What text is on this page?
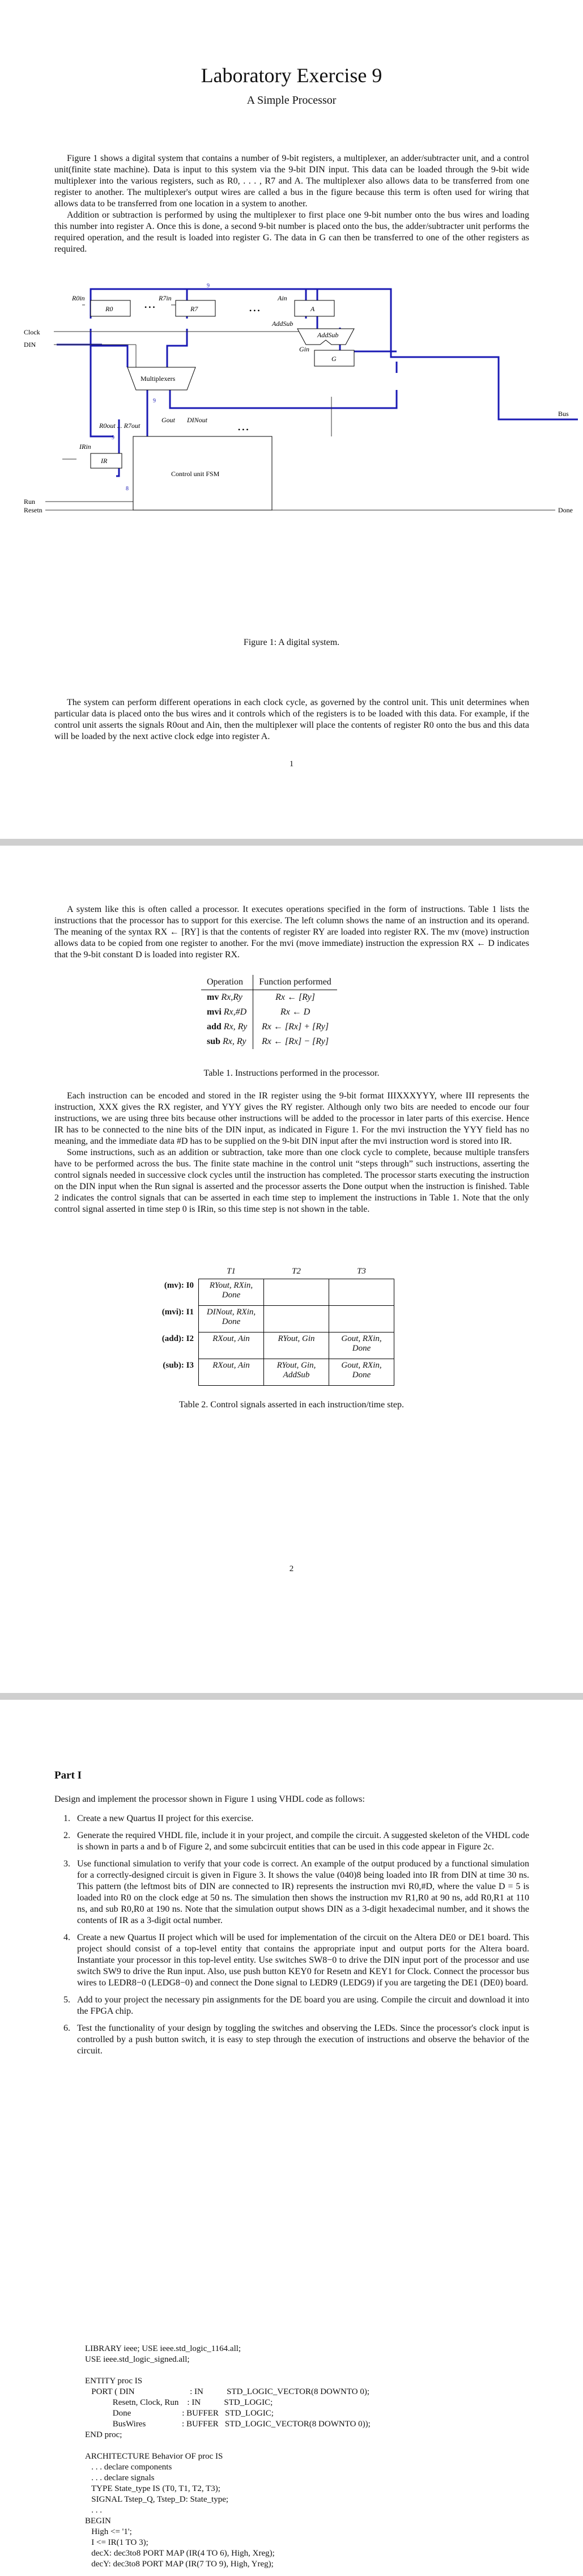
Laboratory Exercise 9
A Simple Processor

Figure 1 shows a digital system that contains a number of 9-bit registers, a multiplexer, an adder/subtracter unit, and a control unit(finite state machine). Data is input to this system via the 9-bit DIN input. This data can be loaded through the 9-bit wide multiplexer into the various registers, such as R0, . . . , R7 and A. The multiplexer also allows data to be transferred from one register to another. The multiplexer's output wires are called a bus in the figure because this term is often used for wiring that allows data to be transferred from one location in a system to another.

Addition or subtraction is performed by using the multiplexer to first place one 9-bit number onto the bus wires and loading this number into register A. Once this is done, a second 9-bit number is placed onto the bus, the adder/subtracter unit performs the required operation, and the result is loaded into register G. The data in G can then be transferred to one of the other registers as required.

R0	R7	A
G
IR
R0in	R7in	Ain
Gin
IRin
AddSub
AddSub
R0out ... R7out
Gout DINout
Multiplexers
Control unit FSM
Clock
DIN
Run
Resetn	Done
Bus
• • •	• • •
• • •
9
9
9
8
Figure 1: A digital system.

The system can perform different operations in each clock cycle, as governed by the control unit. This unit determines when particular data is placed onto the bus wires and it controls which of the registers is to be loaded with this data. For example, if the control unit asserts the signals R0out and Ain, then the multiplexer will place the contents of register R0 onto the bus and this data will be loaded by the next active clock edge into register A.

1

A system like this is often called a processor. It executes operations specified in the form of instructions. Table 1 lists the instructions that the processor has to support for this exercise. The left column shows the name of an instruction and its operand. The meaning of the syntax RX ← [RY] is that the contents of register RY are loaded into register RX. The mv (move) instruction allows data to be copied from one register to another. For the mvi (move immediate) instruction the expression RX ← D indicates that the 9-bit constant D is loaded into register RX.

Operation	Function performed
mv Rx,Ry	Rx ← [Ry]
mvi Rx,#D	Rx ← D
add Rx, Ry	Rx ← [Rx] + [Ry]
sub Rx, Ry	Rx ← [Rx] − [Ry]
Table 1. Instructions performed in the processor.

Each instruction can be encoded and stored in the IR register using the 9-bit format IIIXXXYYY, where III represents the instruction, XXX gives the RX register, and YYY gives the RY register. Although only two bits are needed to encode our four instructions, we are using three bits because other instructions will be added to the processor in later parts of this exercise. Hence IR has to be connected to the nine bits of the DIN input, as indicated in Figure 1. For the mvi instruction the YYY field has no meaning, and the immediate data #D has to be supplied on the 9-bit DIN input after the mvi instruction word is stored into IR.

Some instructions, such as an addition or subtraction, take more than one clock cycle to complete, because multiple transfers have to be performed across the bus. The finite state machine in the control unit “steps through” such instructions, asserting the control signals needed in successive clock cycles until the instruction has completed. The processor starts executing the instruction on the DIN input when the Run signal is asserted and the processor asserts the Done output when the instruction is finished. Table 2 indicates the control signals that can be asserted in each time step to implement the instructions in Table 1. Note that the only control signal asserted in time step 0 is IRin, so this time step is not shown in the table.

	T1	T2	T3
(mv): I0	RYout, RXin, Done		
(mvi): I1	DINout, RXin, Done		
(add): I2	RXout, Ain	RYout, Gin	Gout, RXin, Done
(sub): I3	RXout, Ain	RYout, Gin, AddSub	Gout, RXin, Done
Table 2. Control signals asserted in each instruction/time step.
2
Part I
Design and implement the processor shown in Figure 1 using VHDL code as follows:
1. Create a new Quartus II project for this exercise.
2. Generate the required VHDL file, include it in your project, and compile the circuit. A suggested skeleton of the VHDL code is shown in parts a and b of Figure 2, and some subcircuit entities that can be used in this code appear in Figure 2c.
3. Use functional simulation to verify that your code is correct. An example of the output produced by a functional simulation for a correctly-designed circuit is given in Figure 3. It shows the value (040)8 being loaded into IR from DIN at time 30 ns. This pattern (the leftmost bits of DIN are connected to IR) represents the instruction mvi R0,#D, where the value D = 5 is loaded into R0 on the clock edge at 50 ns. The simulation then shows the instruction mv R1,R0 at 90 ns, add R0,R1 at 110 ns, and sub R0,R0 at 190 ns. Note that the simulation output shows DIN as a 3-digit hexadecimal number, and it shows the contents of IR as a 3-digit octal number.
4. Create a new Quartus II project which will be used for implementation of the circuit on the Altera DE0 or DE1 board. This project should consist of a top-level entity that contains the appropriate input and output ports for the Altera board. Instantiate your processor in this top-level entity. Use switches SW8−0 to drive the DIN input port of the processor and use switch SW9 to drive the Run input. Also, use push button KEY0 for Resetn and KEY1 for Clock. Connect the processor bus wires to LEDR8−0 (LEDG8−0) and connect the Done signal to LEDR9 (LEDG9) if you are targeting the DE1 (DE0) board.
5. Add to your project the necessary pin assignments for the DE board you are using. Compile the circuit and download it into the FPGA chip.
6. Test the functionality of your design by toggling the switches and observing the LEDs. Since the processor's clock input is controlled by a push button switch, it is easy to step through the execution of instructions and observe the behavior of the circuit.
LIBRARY ieee; USE ieee.std_logic_1164.all;
USE ieee.std_logic_signed.all;

ENTITY proc IS
PORT ( DIN                          : IN           STD_LOGIC_VECTOR(8 DOWNTO 0);
Resetn, Clock, Run    : IN           STD_LOGIC;
Done                        : BUFFER   STD_LOGIC;
BusWires                 : BUFFER   STD_LOGIC_VECTOR(8 DOWNTO 0));
END proc;

ARCHITECTURE Behavior OF proc IS
. . . declare components
. . . declare signals
TYPE State_type IS (T0, T1, T2, T3);
SIGNAL Tstep_Q, Tstep_D: State_type;
. . .
BEGIN
High <= '1';
I <= IR(1 TO 3);
decX: dec3to8 PORT MAP (IR(4 TO 6), High, Xreg);
decY: dec3to8 PORT MAP (IR(7 TO 9), High, Yreg);
